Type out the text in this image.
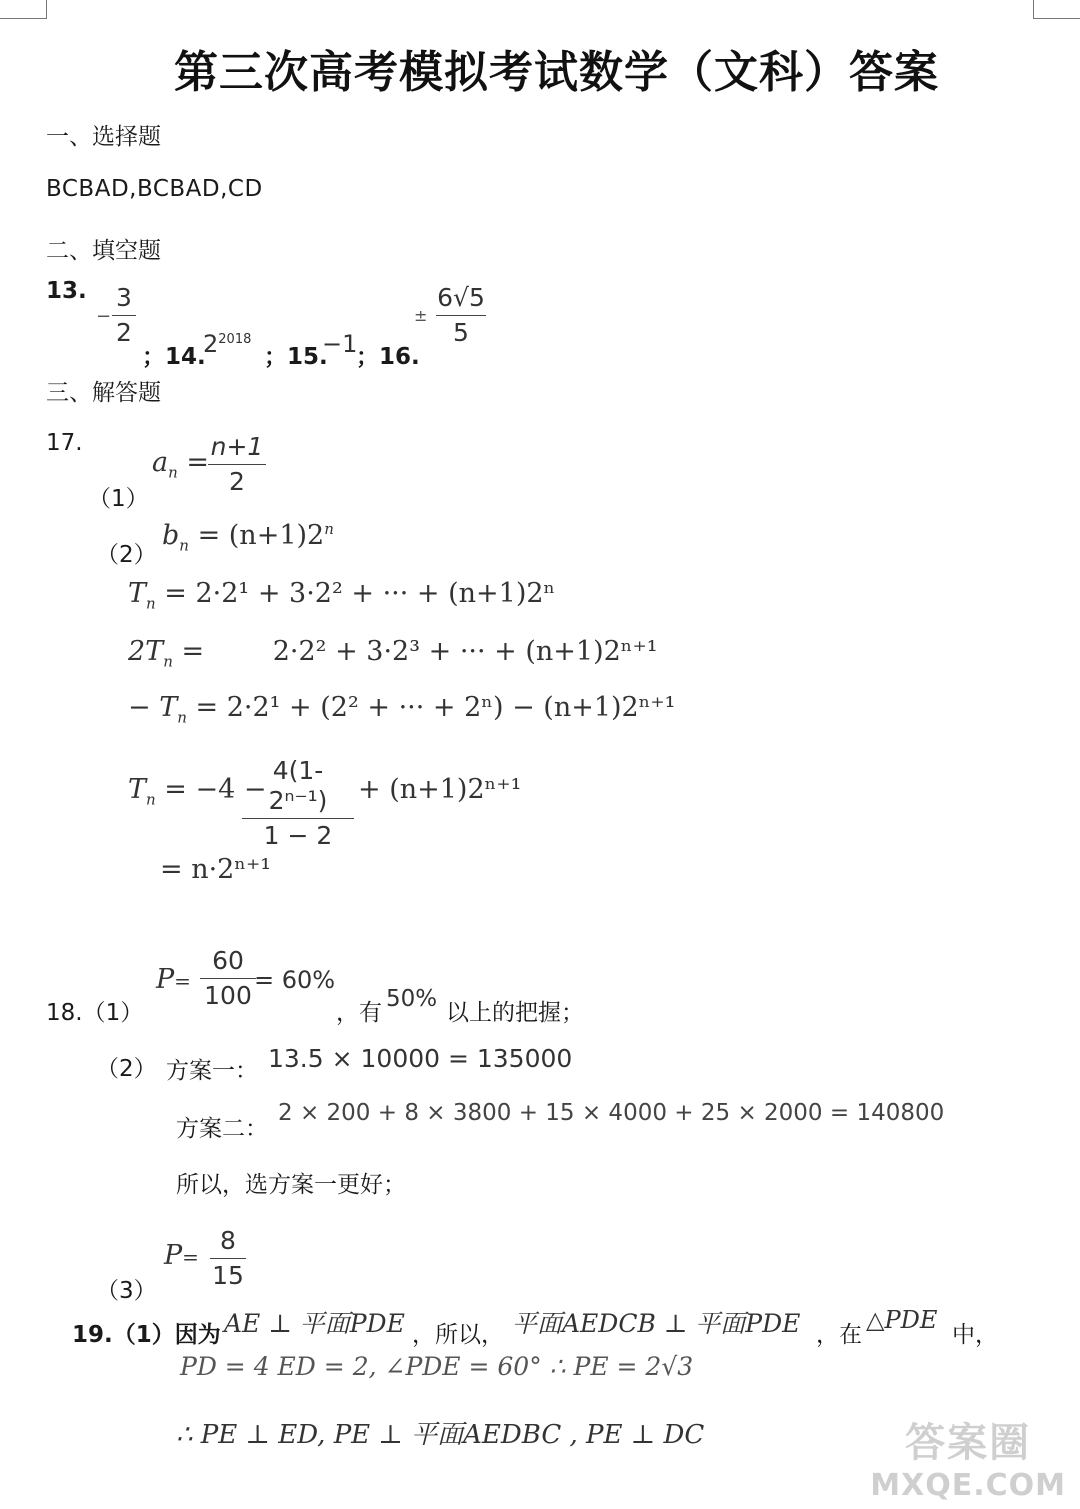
第三次高考模拟考试数学（文科）答案
一、选择题
BCBAD,BCBAD,CD
二、填空题
13.
−
3
2
；14.
$2^{2018}$
；15.
−1
；16.
±
6√5
5
三、解答题
17.
（1）
$a_n$ =
n+1
2
（2）
$b_n = (n+1)2^n$
$T_n = 2\cdot 2^1 + 3\cdot 2^2$ + ··· + (n+1)2ⁿ
$2T_n$ =        2·2² + 3·2³ + ··· + (n+1)2ⁿ⁺¹
− $T_n = 2\cdot 2^1 + (2^2$ + ··· + 2ⁿ) − (n+1)2ⁿ⁺¹
$T_n = -4$ −
4(1- 2ⁿ⁻¹)
1 − 2
+ (n+1)2ⁿ⁺¹
= n·2ⁿ⁺¹
18.（1）
P=
60
100
= 60%
，有
50%
以上的把握；
（2） 方案一： 13.5 × 10000 = 135000
方案二：
2 × 200 + 8 × 3800 + 15 × 4000 + 25 × 2000 = 140800
所以，选方案一更好；
（3）
P=
8
15
19.（1）因为 AE ⊥ 平面PDE ，所以， 平面AEDCB ⊥ 平面PDE ，在
△PDE
中，
PD = 4 ED = 2, ∠PDE = 60° ∴ PE = 2√3
∴ PE ⊥ ED, PE ⊥ 平面AEDBC , PE ⊥ DC	答案圈
MXQE.COM
